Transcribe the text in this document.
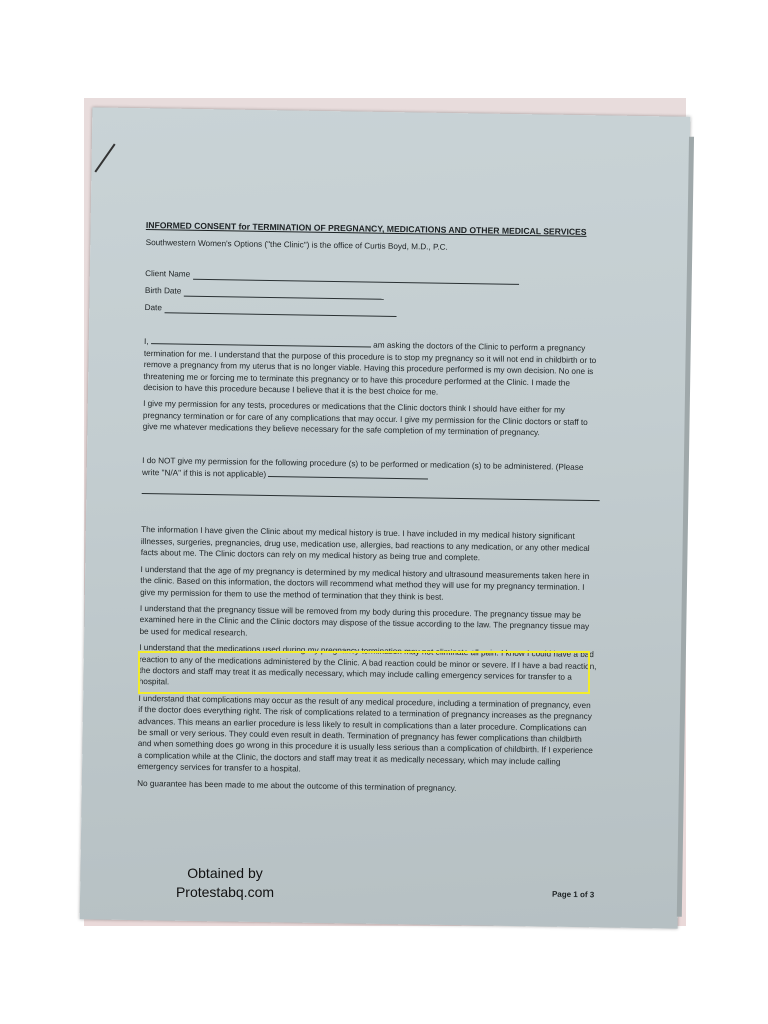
INFORMED CONSENT for TERMINATION OF PREGNANCY, MEDICATIONS AND OTHER MEDICAL SERVICES

Southwestern Women's Options ("the Clinic") is the office of Curtis Boyd, M.D., P.C.

Client Name
Birth Date
Date

I,	am asking the doctors of the Clinic to perform a pregnancy termination for me. I understand that the purpose of this procedure is to stop my pregnancy so it will not end in childbirth or to remove a pregnancy from my uterus that is no longer viable. Having this procedure performed is my own decision. No one is threatening me or forcing me to terminate this pregnancy or to have this procedure performed at the Clinic. I made the decision to have this procedure because I believe that it is the best choice for me.

I give my permission for any tests, procedures or medications that the Clinic doctors think I should have either for my pregnancy termination or for care of any complications that may occur. I give my permission for the Clinic doctors or staff to give me whatever medications they believe necessary for the safe completion of my termination of pregnancy.

I do NOT give my permission for the following procedure (s) to be performed or medication (s) to be administered. (Please write "N/A" if this is not applicable)

The information I have given the Clinic about my medical history is true. I have included in my medical history significant illnesses, surgeries, pregnancies, drug use, medication use, allergies, bad reactions to any medication, or any other medical facts about me. The Clinic doctors can rely on my medical history as being true and complete.

I understand that the age of my pregnancy is determined by my medical history and ultrasound measurements taken here in the clinic. Based on this information, the doctors will recommend what method they will use for my pregnancy termination. I give my permission for them to use the method of termination that they think is best.

I understand that the pregnancy tissue will be removed from my body during this procedure. The pregnancy tissue may be examined here in the Clinic and the Clinic doctors may dispose of the tissue according to the law. The pregnancy tissue may be used for medical research.

I understand that the medications used during my pregnancy termination may not eliminate all pain. I know I could have a bad reaction to any of the medications administered by the Clinic. A bad reaction could be minor or severe. If I have a bad reaction, the doctors and staff may treat it as medically necessary, which may include calling emergency services for transfer to a hospital.

I understand that complications may occur as the result of any medical procedure, including a termination of pregnancy, even if the doctor does everything right. The risk of complications related to a termination of pregnancy increases as the pregnancy advances. This means an earlier procedure is less likely to result in complications than a later procedure. Complications can be small or very serious. They could even result in death. Termination of pregnancy has fewer complications than childbirth and when something does go wrong in this procedure it is usually less serious than a complication of childbirth. If I experience a complication while at the Clinic, the doctors and staff may treat it as medically necessary, which may include calling emergency services for transfer to a hospital.

No guarantee has been made to me about the outcome of this termination of pregnancy.

Obtained by
Protestabq.com	Page 1 of 3
